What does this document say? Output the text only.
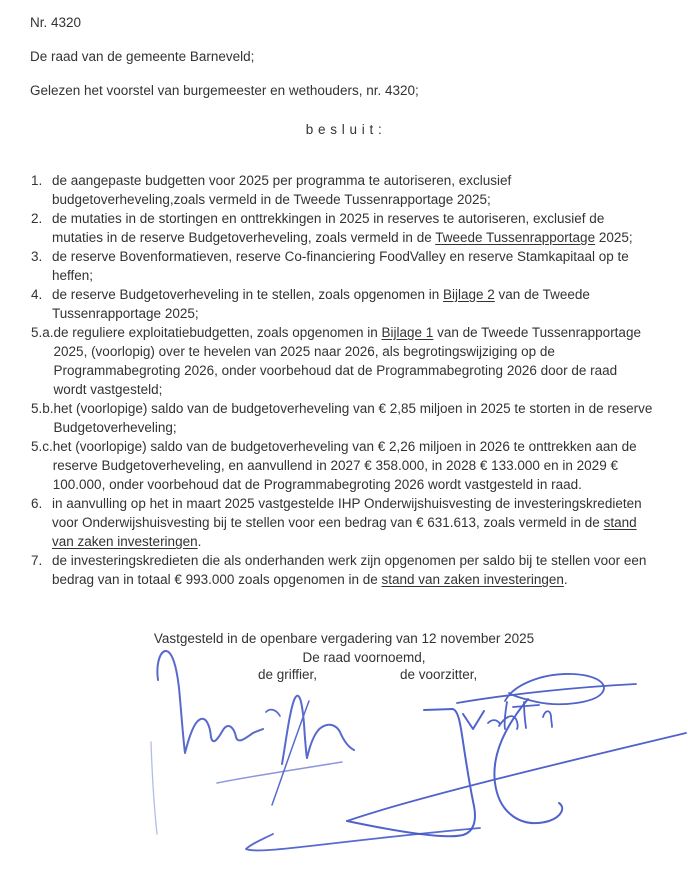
Nr. 4320
De raad van de gemeente Barneveld;
Gelezen het voorstel van burgemeester en wethouders, nr. 4320;
b e s l u i t :
1. de aangepaste budgetten voor 2025 per programma te autoriseren, exclusief budgetoverheveling,zoals vermeld in de Tweede Tussenrapportage 2025;
2. de mutaties in de stortingen en onttrekkingen in 2025 in reserves te autoriseren, exclusief de mutaties in de reserve Budgetoverheveling, zoals vermeld in de Tweede Tussenrapportage 2025;
3. de reserve Bovenformatieven, reserve Co-financiering FoodValley en reserve Stamkapitaal op te heffen;
4. de reserve Budgetoverheveling in te stellen, zoals opgenomen in Bijlage 2 van de Tweede Tussenrapportage 2025;
5.a. de reguliere exploitatiebudgetten, zoals opgenomen in Bijlage 1 van de Tweede Tussenrapportage 2025, (voorlopig) over te hevelen van 2025 naar 2026, als begrotingswijziging op de Programmabegroting 2026, onder voorbehoud dat de Programmabegroting 2026 door de raad wordt vastgesteld;
5.b. het (voorlopige) saldo van de budgetoverheveling van € 2,85 miljoen in 2025 te storten in de reserve Budgetoverheveling;
5.c. het (voorlopige) saldo van de budgetoverheveling van € 2,26 miljoen in 2026 te onttrekken aan de reserve Budgetoverheveling, en aanvullend in 2027 € 358.000, in 2028 € 133.000 en in 2029 € 100.000, onder voorbehoud dat de Programmabegroting 2026 wordt vastgesteld in raad.
6. in aanvulling op het in maart 2025 vastgestelde IHP Onderwijshuisvesting de investeringskredieten voor Onderwijshuisvesting bij te stellen voor een bedrag van € 631.613, zoals vermeld in de stand van zaken investeringen.
7. de investeringskredieten die als onderhanden werk zijn opgenomen per saldo bij te stellen voor een bedrag van in totaal € 993.000 zoals opgenomen in de stand van zaken investeringen.
Vastgesteld in de openbare vergadering van 12 november 2025
De raad voornoemd,
de griffier,	de voorzitter,
